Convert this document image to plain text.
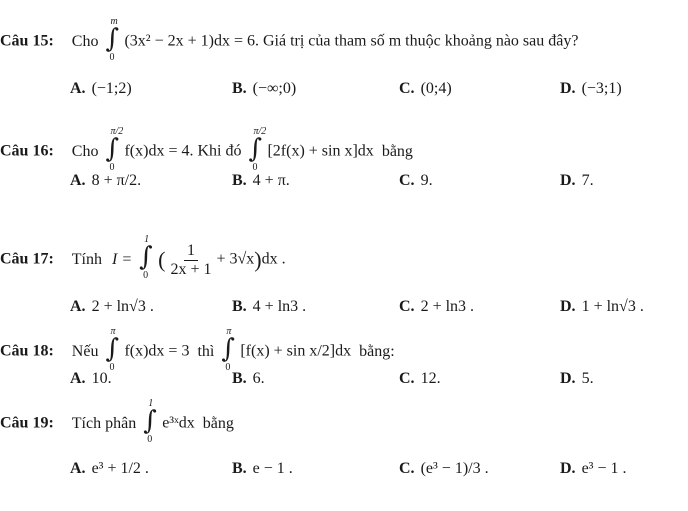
Câu 15: Cho ∫
m
0
(3x² − 2x + 1)dx = 6. Giá trị của tham số m thuộc khoảng nào sau đây?
A. (−1;2)	B. (−∞;0)	C. (0;4)	D. (−3;1)
Câu 16: Cho ∫
π/2
0
f(x)dx = 4. Khi đó ∫
π/2
0
[2f(x) + sin x]dx bằng
A. 8 + π/2.	B. 4 + π.	C. 9.	D. 7.
Câu 17: Tính I = ∫
1
0
( $\frac{1}{2x + 1} + 3√x)dx$ .
A. 2 + ln√3 .	B. 4 + ln3 .	C. 2 + ln3 .	D. 1 + ln√3 .
Câu 18: Nếu ∫
π
0
f(x)dx = 3 thì ∫
π
0
[f(x) + sin x/2]dx bằng:
A. 10.	B. 6.	C. 12.	D. 5.
Câu 19: Tích phân ∫
1
0
e³ˣdx bằng
A. e³ + 1/2 .	B. e − 1 .	C. (e³ − 1)/3 .	D. e³ − 1 .
